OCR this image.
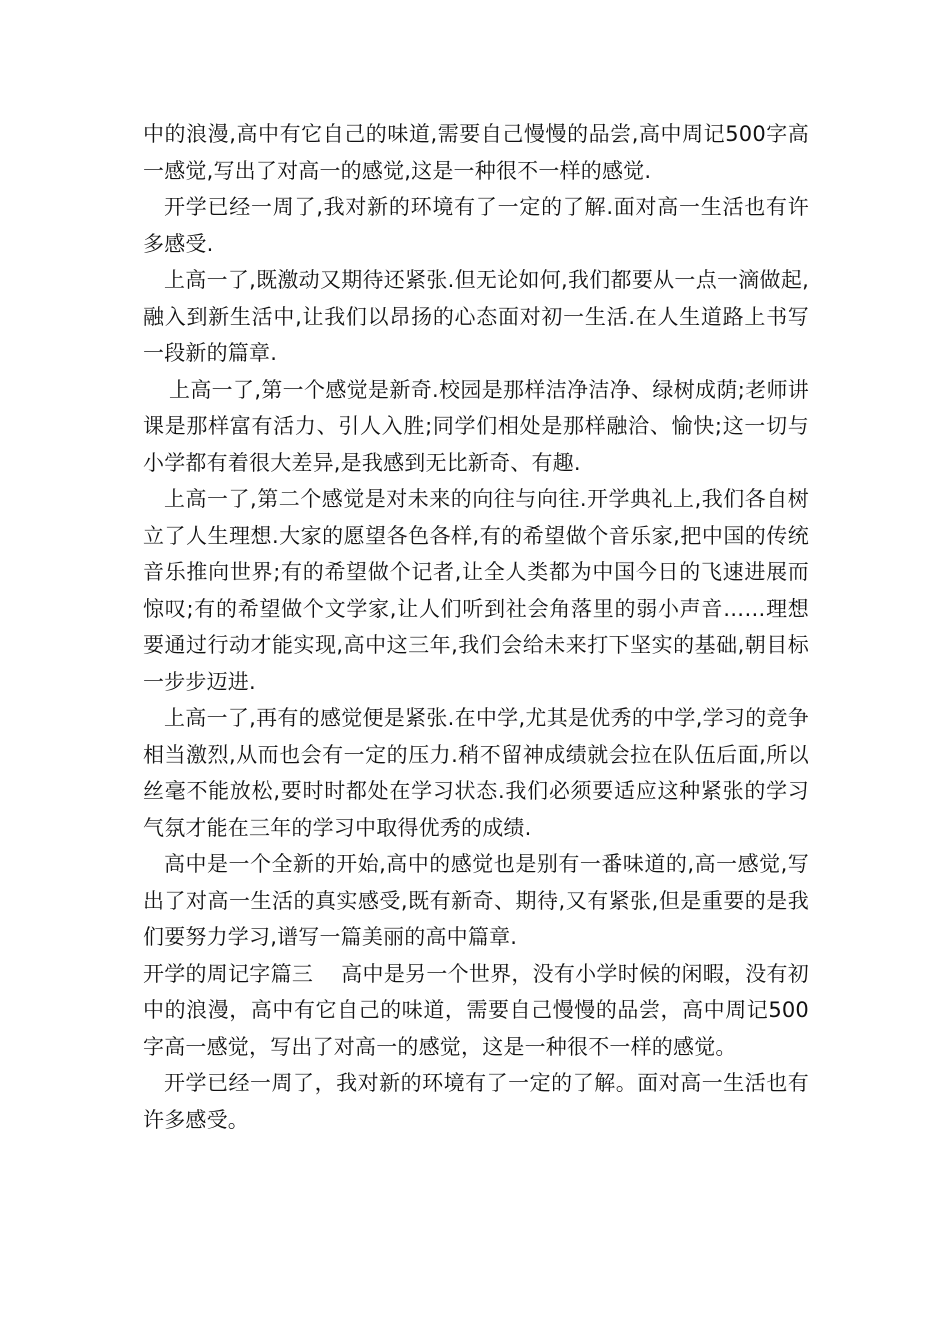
中的浪漫,高中有它自己的味道,需要自己慢慢的品尝,高中周记500字高一感觉,写出了对高一的感觉,这是一种很不一样的感觉.

开学已经一周了,我对新的环境有了一定的了解.面对高一生活也有许多感受.

上高一了,既激动又期待还紧张.但无论如何,我们都要从一点一滴做起,融入到新生活中,让我们以昂扬的心态面对初一生活.在人生道路上书写一段新的篇章.

上高一了,第一个感觉是新奇.校园是那样洁净洁净、绿树成荫;老师讲课是那样富有活力、引人入胜;同学们相处是那样融洽、愉快;这一切与小学都有着很大差异,是我感到无比新奇、有趣.

上高一了,第二个感觉是对未来的向往与向往.开学典礼上,我们各自树立了人生理想.大家的愿望各色各样,有的希望做个音乐家,把中国的传统音乐推向世界;有的希望做个记者,让全人类都为中国今日的飞速进展而惊叹;有的希望做个文学家,让人们听到社会角落里的弱小声音……理想要通过行动才能实现,高中这三年,我们会给未来打下坚实的基础,朝目标一步步迈进.

上高一了,再有的感觉便是紧张.在中学,尤其是优秀的中学,学习的竞争相当激烈,从而也会有一定的压力.稍不留神成绩就会拉在队伍后面,所以丝毫不能放松,要时时都处在学习状态.我们必须要适应这种紧张的学习气氛才能在三年的学习中取得优秀的成绩.

高中是一个全新的开始,高中的感觉也是别有一番味道的,高一感觉,写出了对高一生活的真实感受,既有新奇、期待,又有紧张,但是重要的是我们要努力学习,谱写一篇美丽的高中篇章.

开学的周记字篇三　 高中是另一个世界，没有小学时候的闲暇，没有初中的浪漫，高中有它自己的味道，需要自己慢慢的品尝，高中周记500字高一感觉，写出了对高一的感觉，这是一种很不一样的感觉。

开学已经一周了，我对新的环境有了一定的了解。面对高一生活也有许多感受。
